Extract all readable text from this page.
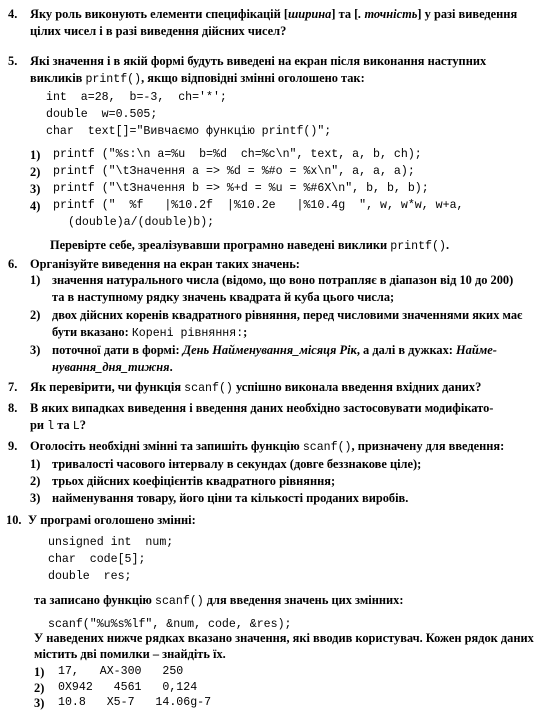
4. Яку роль виконують елементи специфікацій [ширина] та [. точність] у разі виведення цілих чисел і в разі виведення дійсних чисел?
5. Які значення і в якій формі будуть виведені на екран після виконання наступних викликів printf(), якщо відповідні змінні оголошено так:
int  a=28,  b=-3,  ch='*';
double  w=0.505;
char  text[]="Вивчаємо функцію printf()";
1) printf ("%s:\n a=%u  b=%d  ch=%c\n", text, a, b, ch);
2) printf ("\tЗначення a => %d = %#o = %x\n", a, a, a);
3) printf ("\tЗначення b => %+d = %u = %#6X\n", b, b, b);
4) printf ("  %f   |%10.2f  |%10.2e   |%10.4g  ", w, w*w, w+a,
(double)a/(double)b);
Перевірте себе, зреалізувавши програмно наведені виклики printf().
6. Організуйте виведення на екран таких значень:
1) значення натурального числа (відомо, що воно потрапляє в діапазон від 10 до 200)
та в наступному рядку значень квадрата й куба цього числа;
2) двох дійсних коренів квадратного рівняння, перед числовими значеннями яких має
бути вказано: Корені рівняння:;
3) поточної дати в формі: День Найменування_місяця Рік, а далі в дужках: Найме-
нування_дня_тижня.
7. Як перевірити, чи функція scanf() успішно виконала введення вхідних даних?
8. В яких випадках виведення і введення даних необхідно застосовувати модифікато-
ри l та L?
9. Оголосіть необхідні змінні та запишіть функцію scanf(), призначену для введення:
1) тривалості часового інтервалу в секундах (довге беззнакове ціле);
2) трьох дійсних коефіцієнтів квадратного рівняння;
3) найменування товару, його ціни та кількості проданих виробів.
10. У програмі оголошено змінні:
unsigned int  num;
char  code[5];
double  res;
та записано функцію scanf() для введення значень цих змінних:
scanf("%u%s%lf", &num, code, &res);
У наведених нижче рядках вказано значення, які вводив користувач. Кожен рядок даних
містить дві помилки – знайдіть їх.
1) 17,   AX-300   250
2) 0X942   4561   0,124
3) 10.8   X5-7   14.06g-7
